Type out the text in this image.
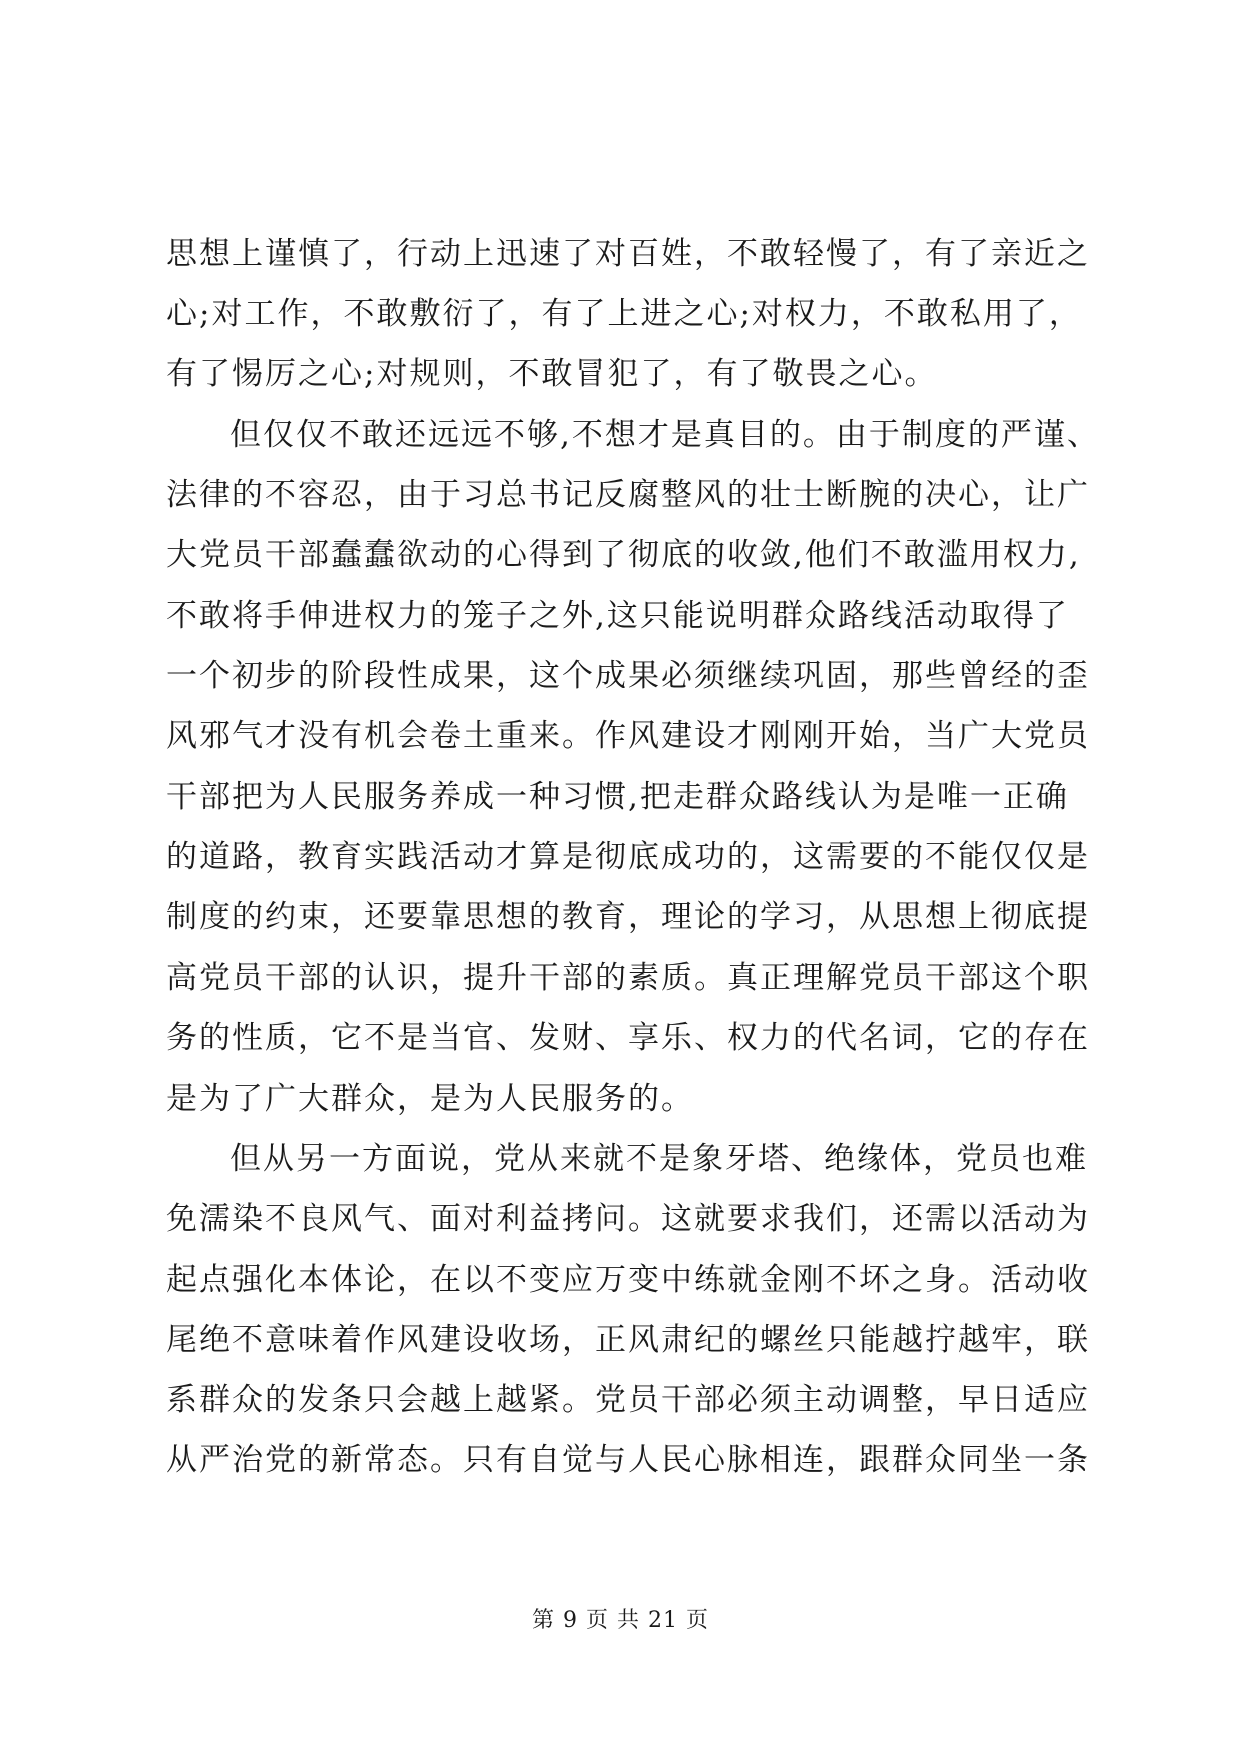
思想上谨慎了，行动上迅速了对百姓，不敢轻慢了，有了亲近之
心;对工作，不敢敷衍了，有了上进之心;对权力，不敢私用了，
有了惕厉之心;对规则，不敢冒犯了，有了敬畏之心。
但仅仅不敢还远远不够,不想才是真目的。由于制度的严谨、
法律的不容忍，由于习总书记反腐整风的壮士断腕的决心，让广
大党员干部蠢蠢欲动的心得到了彻底的收敛,他们不敢滥用权力,
不敢将手伸进权力的笼子之外,这只能说明群众路线活动取得了
一个初步的阶段性成果，这个成果必须继续巩固，那些曾经的歪
风邪气才没有机会卷土重来。作风建设才刚刚开始，当广大党员
干部把为人民服务养成一种习惯,把走群众路线认为是唯一正确
的道路，教育实践活动才算是彻底成功的，这需要的不能仅仅是
制度的约束，还要靠思想的教育，理论的学习，从思想上彻底提
高党员干部的认识，提升干部的素质。真正理解党员干部这个职
务的性质，它不是当官、发财、享乐、权力的代名词，它的存在
是为了广大群众，是为人民服务的。
但从另一方面说，党从来就不是象牙塔、绝缘体，党员也难
免濡染不良风气、面对利益拷问。这就要求我们，还需以活动为
起点强化本体论，在以不变应万变中练就金刚不坏之身。活动收
尾绝不意味着作风建设收场，正风肃纪的螺丝只能越拧越牢，联
系群众的发条只会越上越紧。党员干部必须主动调整，早日适应
从严治党的新常态。只有自觉与人民心脉相连，跟群众同坐一条
第 9 页 共 21 页
